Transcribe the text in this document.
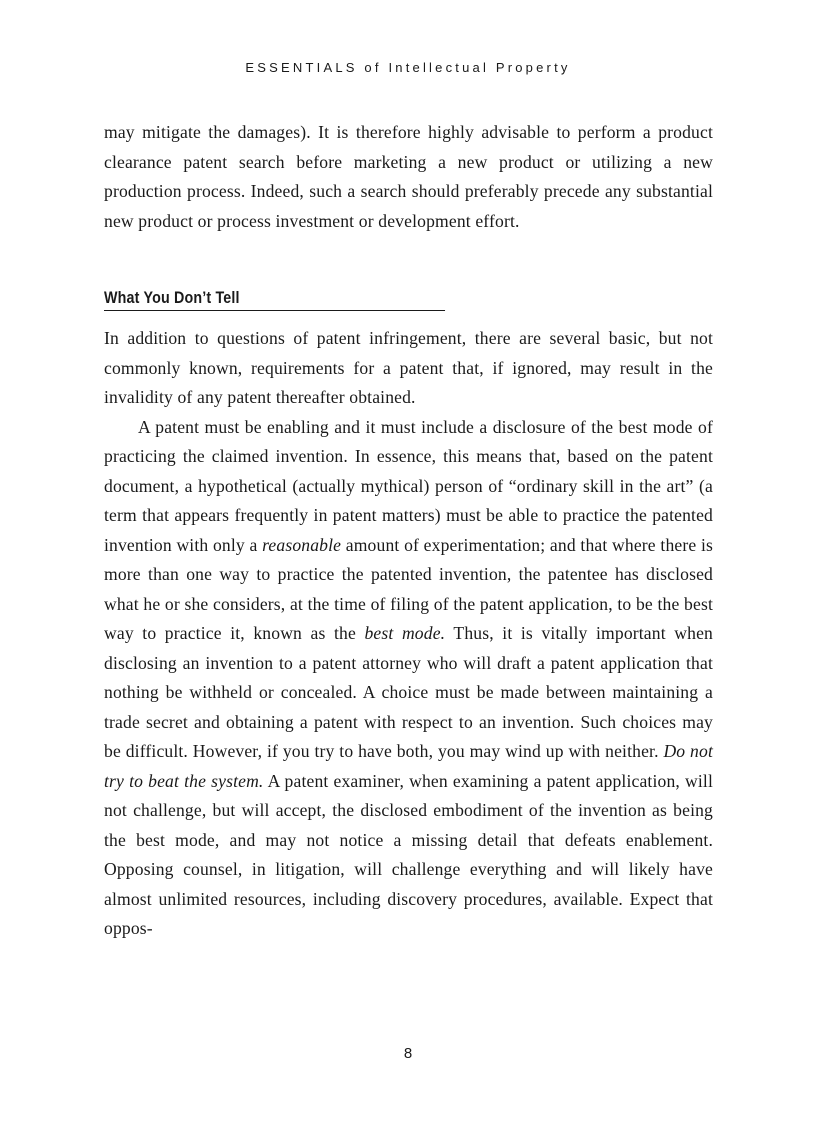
ESSENTIALS of Intellectual Property

may mitigate the damages). It is therefore highly advisable to perform a product clearance patent search before marketing a new product or utilizing a new production process. Indeed, such a search should preferably precede any substantial new product or process investment or development effort.

What You Don’t Tell

In addition to questions of patent infringement, there are several basic, but not commonly known, requirements for a patent that, if ignored, may result in the invalidity of any patent thereafter obtained.

A patent must be enabling and it must include a disclosure of the best mode of practicing the claimed invention. In essence, this means that, based on the patent document, a hypothetical (actually mythical) person of “ordinary skill in the art” (a term that appears frequently in patent matters) must be able to practice the patented invention with only a reasonable amount of experimentation; and that where there is more than one way to practice the patented invention, the patentee has disclosed what he or she considers, at the time of filing of the patent application, to be the best way to practice it, known as the best mode. Thus, it is vitally important when disclosing an invention to a patent attorney who will draft a patent application that nothing be withheld or concealed. A choice must be made between maintaining a trade secret and obtaining a patent with respect to an invention. Such choices may be difficult. However, if you try to have both, you may wind up with neither. Do not try to beat the system. A patent examiner, when examining a patent application, will not challenge, but will accept, the disclosed embodiment of the invention as being the best mode, and may not notice a missing detail that defeats enablement. Opposing counsel, in litigation, will challenge everything and will likely have almost unlimited resources, including discovery procedures, available. Expect that oppos-

8
